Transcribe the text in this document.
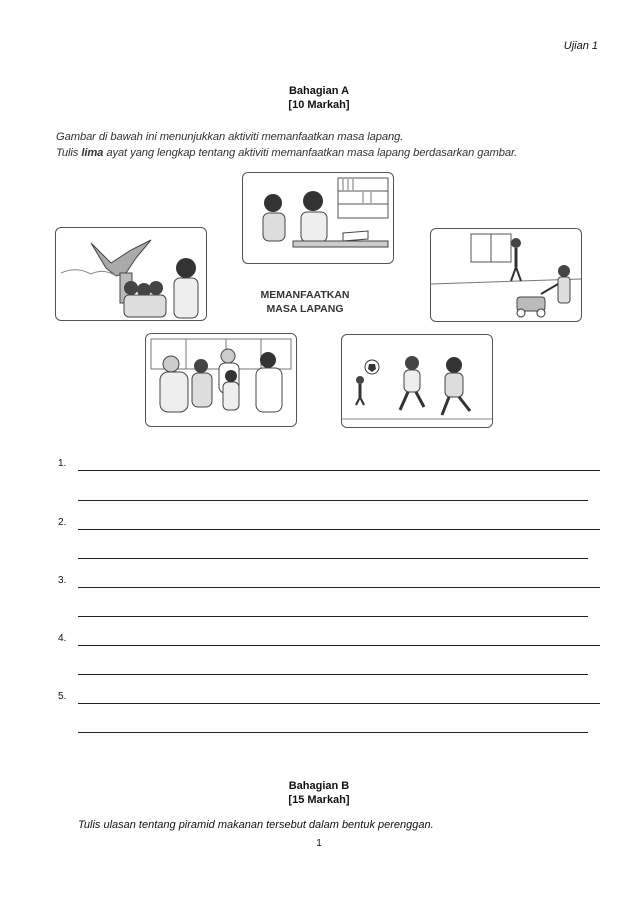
Ujian 1
Bahagian A
[10 Markah]
Gambar di bawah ini menunjukkan aktiviti memanfaatkan masa lapang.
Tulis lima ayat yang lengkap tentang aktiviti memanfaatkan masa lapang berdasarkan gambar.
MEMANFAATKAN
MASA LAPANG
1.
2.
3.
4.
5.
Bahagian B
[15 Markah]
Tulis ulasan tentang piramid makanan tersebut dalam bentuk perenggan.
1
